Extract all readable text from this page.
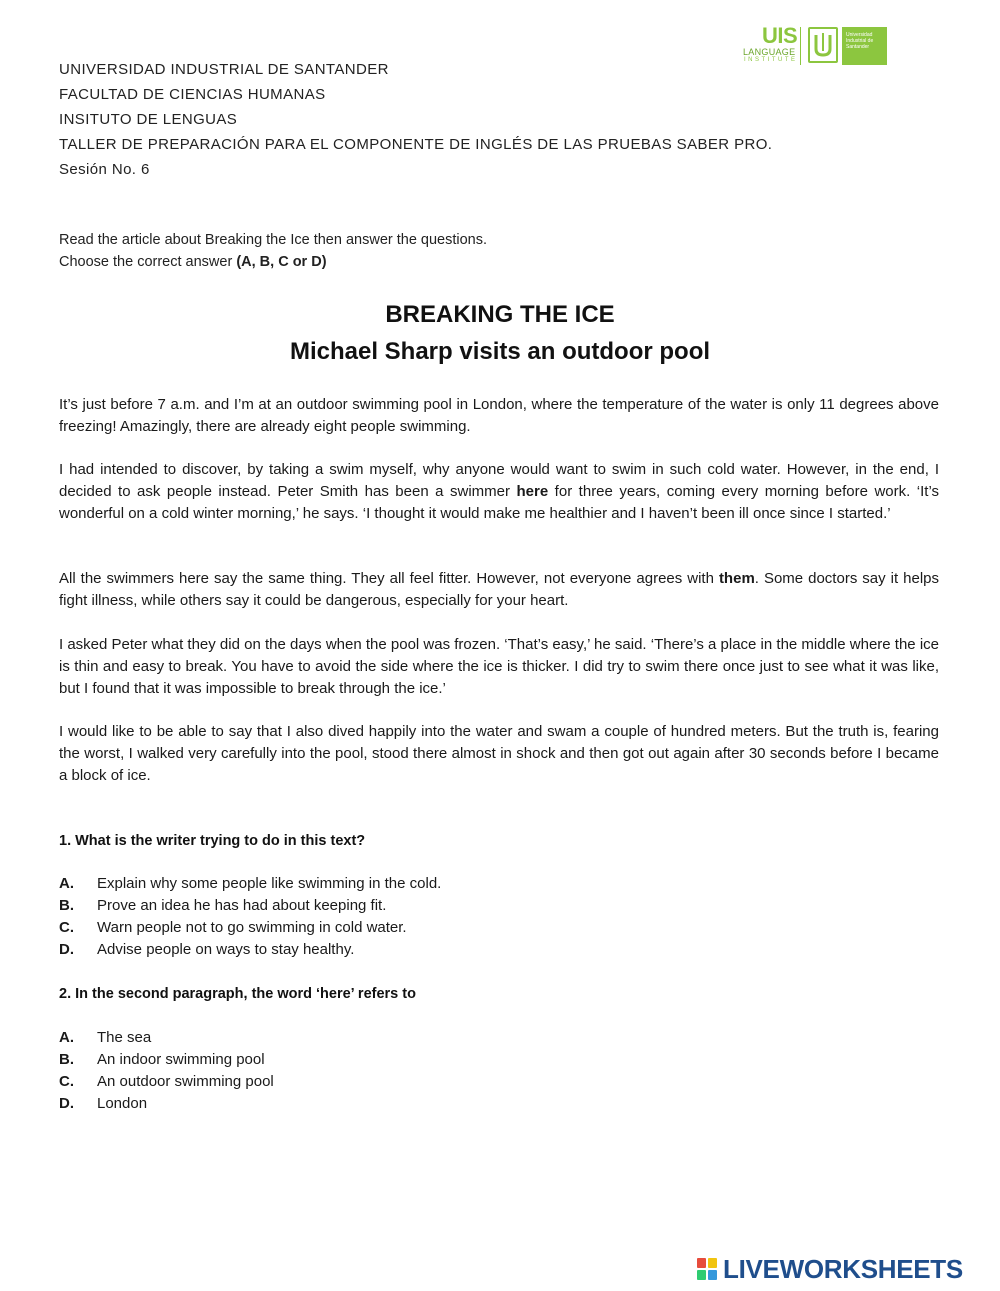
UIS
LANGUAGE
INSTITUTE
Universidad Industrial de Santander
UNIVERSIDAD INDUSTRIAL DE SANTANDER
FACULTAD DE CIENCIAS HUMANAS
INSITUTO DE LENGUAS
TALLER DE PREPARACIÓN PARA EL COMPONENTE DE INGLÉS DE LAS PRUEBAS SABER PRO.
Sesión No. 6
Read the article about Breaking the Ice then answer the questions.
Choose the correct answer (A, B, C or D)
BREAKING THE ICE
Michael Sharp visits an outdoor pool
It’s just before 7 a.m. and I’m at an outdoor swimming pool in London, where the temperature of the water is only 11 degrees above freezing! Amazingly, there are already eight people swimming.
I had intended to discover, by taking a swim myself, why anyone would want to swim in such cold water. However, in the end, I decided to ask people instead. Peter Smith has been a swimmer here for three years, coming every morning before work. ‘It’s wonderful on a cold winter morning,’ he says. ‘I thought it would make me healthier and I haven’t been ill once since I started.’
All the swimmers here say the same thing. They all feel fitter. However, not everyone agrees with them. Some doctors say it helps fight illness, while others say it could be dangerous, especially for your heart.
I asked Peter what they did on the days when the pool was frozen. ‘That’s easy,’ he said. ‘There’s a place in the middle where the ice is thin and easy to break. You have to avoid the side where the ice is thicker. I did try to swim there once just to see what it was like, but I found that it was impossible to break through the ice.’
I would like to be able to say that I also dived happily into the water and swam a couple of hundred meters. But the truth is, fearing the worst, I walked very carefully into the pool, stood there almost in shock and then got out again after 30 seconds before I became a block of ice.
1. What is the writer trying to do in this text?
A. Explain why some people like swimming in the cold.
B. Prove an idea he has had about keeping fit.
C. Warn people not to go swimming in cold water.
D. Advise people on ways to stay healthy.
2. In the second paragraph, the word ‘here’ refers to
A. The sea
B. An indoor swimming pool
C. An outdoor swimming pool
D. London
LIVEWORKSHEETS
